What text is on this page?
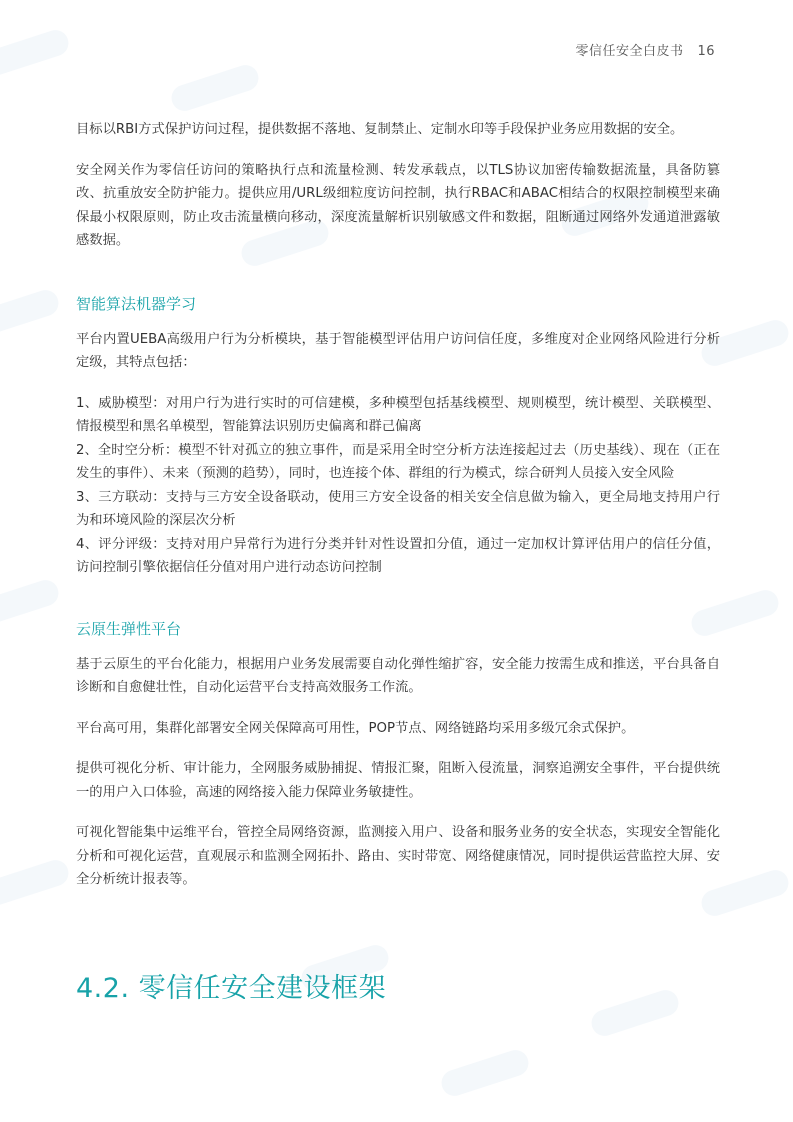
零信任安全白皮书 16

目标以RBI方式保护访问过程，提供数据不落地、复制禁止、定制水印等手段保护业务应用数据的安全。

安全网关作为零信任访问的策略执行点和流量检测、转发承载点，以TLS协议加密传输数据流量，具备防篡改、抗重放安全防护能力。提供应用/URL级细粒度访问控制，执行RBAC和ABAC相结合的权限控制模型来确保最小权限原则，防止攻击流量横向移动，深度流量解析识别敏感文件和数据，阻断通过网络外发通道泄露敏感数据。

智能算法机器学习

平台内置UEBA高级用户行为分析模块，基于智能模型评估用户访问信任度，多维度对企业网络风险进行分析定级，其特点包括：

1、威胁模型：对用户行为进行实时的可信建模，多种模型包括基线模型、规则模型，统计模型、关联模型、情报模型和黑名单模型，智能算法识别历史偏离和群己偏离

2、全时空分析：模型不针对孤立的独立事件，而是采用全时空分析方法连接起过去（历史基线）、现在（正在发生的事件）、未来（预测的趋势），同时，也连接个体、群组的行为模式，综合研判人员接入安全风险

3、三方联动：支持与三方安全设备联动，使用三方安全设备的相关安全信息做为输入，更全局地支持用户行为和环境风险的深层次分析

4、评分评级：支持对用户异常行为进行分类并针对性设置扣分值，通过一定加权计算评估用户的信任分值，访问控制引擎依据信任分值对用户进行动态访问控制

云原生弹性平台

基于云原生的平台化能力，根据用户业务发展需要自动化弹性缩扩容，安全能力按需生成和推送，平台具备自诊断和自愈健壮性，自动化运营平台支持高效服务工作流。

平台高可用，集群化部署安全网关保障高可用性，POP节点、网络链路均采用多级冗余式保护。

提供可视化分析、审计能力，全网服务威胁捕捉、情报汇聚，阻断入侵流量，洞察追溯安全事件，平台提供统一的用户入口体验，高速的网络接入能力保障业务敏捷性。

可视化智能集中运维平台，管控全局网络资源，监测接入用户、设备和服务业务的安全状态，实现安全智能化分析和可视化运营，直观展示和监测全网拓扑、路由、实时带宽、网络健康情况，同时提供运营监控大屏、安全分析统计报表等。

4.2. 零信任安全建设框架
